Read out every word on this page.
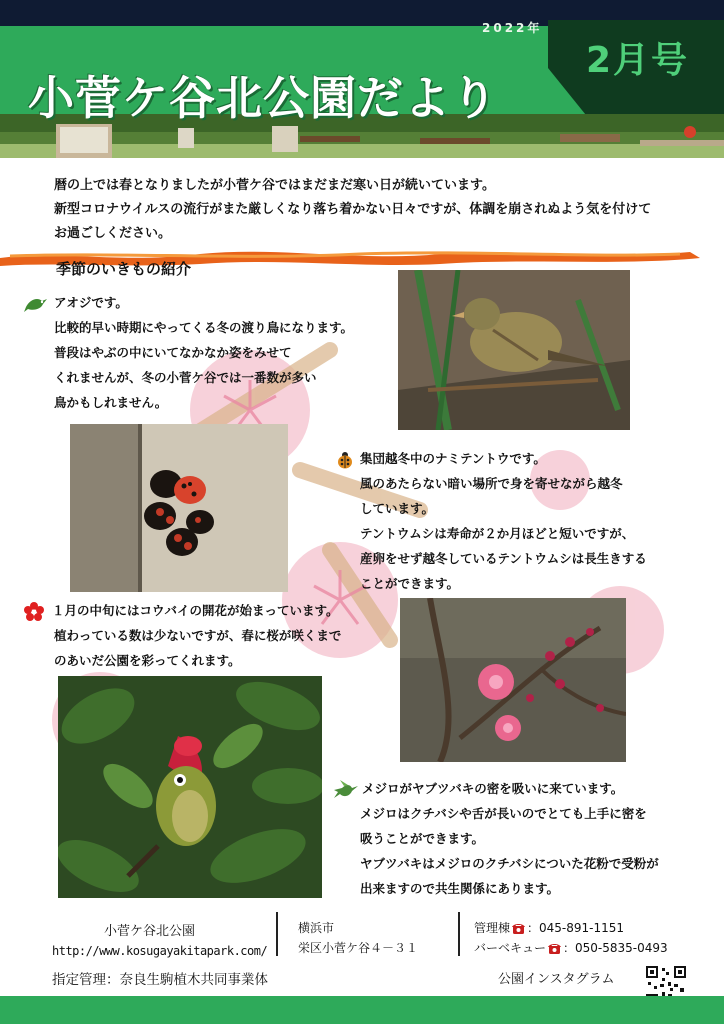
2022年
2月号
小菅ケ谷北公園だより

暦の上では春となりましたが小菅ケ谷ではまだまだ寒い日が続いています。

新型コロナウイルスの流行がまた厳しくなり落ち着かない日々ですが、体調を崩されぬよう気を付けて

お過ごしください。

季節のいきもの紹介

アオジです。

比較的早い時期にやってくる冬の渡り鳥になります。

普段はやぶの中にいてなかなか姿をみせて

くれませんが、冬の小菅ケ谷では一番数が多い

鳥かもしれません。

集団越冬中のナミテントウです。

風のあたらない暗い場所で身を寄せながら越冬

しています。

テントウムシは寿命が２か月ほどと短いですが、

産卵をせず越冬しているテントウムシは長生きする

ことができます。

１月の中旬にはコウバイの開花が始まっています。

植わっている数は少ないですが、春に桜が咲くまで

のあいだ公園を彩ってくれます。

メジロがヤブツバキの密を吸いに来ています。

メジロはクチバシや舌が長いのでとても上手に密を

吸うことができます。

ヤブツバキはメジロのクチバシについた花粉で受粉が

出来ますので共生関係にあります。

小菅ケ谷北公園
http://www.kosugayakitapark.com/
指定管理：奈良生駒植木共同事業体

横浜市

栄区小菅ケ谷４－３１

管理棟 ：045-891-1151
バーベキュー ：050-5835-0493
公園インスタグラム
